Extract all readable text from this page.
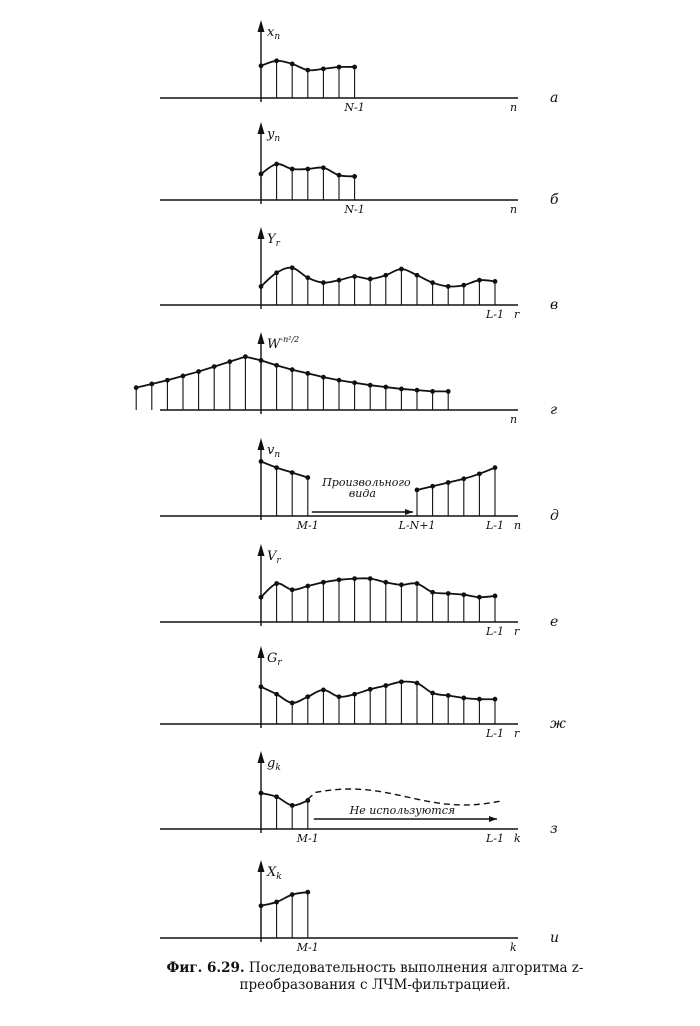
$x_n$
n
а
N-1
$y_n$
n
б
N-1
$Y_r$
r
в
L-1
$W^{-n^2/2}$
n
г
$v_n$
n
д
M-1	L-N+1	L-1
Произвольного
вида
$V_r$
r
е
L-1
$G_r$
r
ж
L-1
$g_k$
k
з
M-1	L-1
Не используются
$X_k$
k
и
M-1
Фиг. 6.29. Последовательность выполнения алгоритма z-преобразования с ЛЧМ-фильтрацией.
